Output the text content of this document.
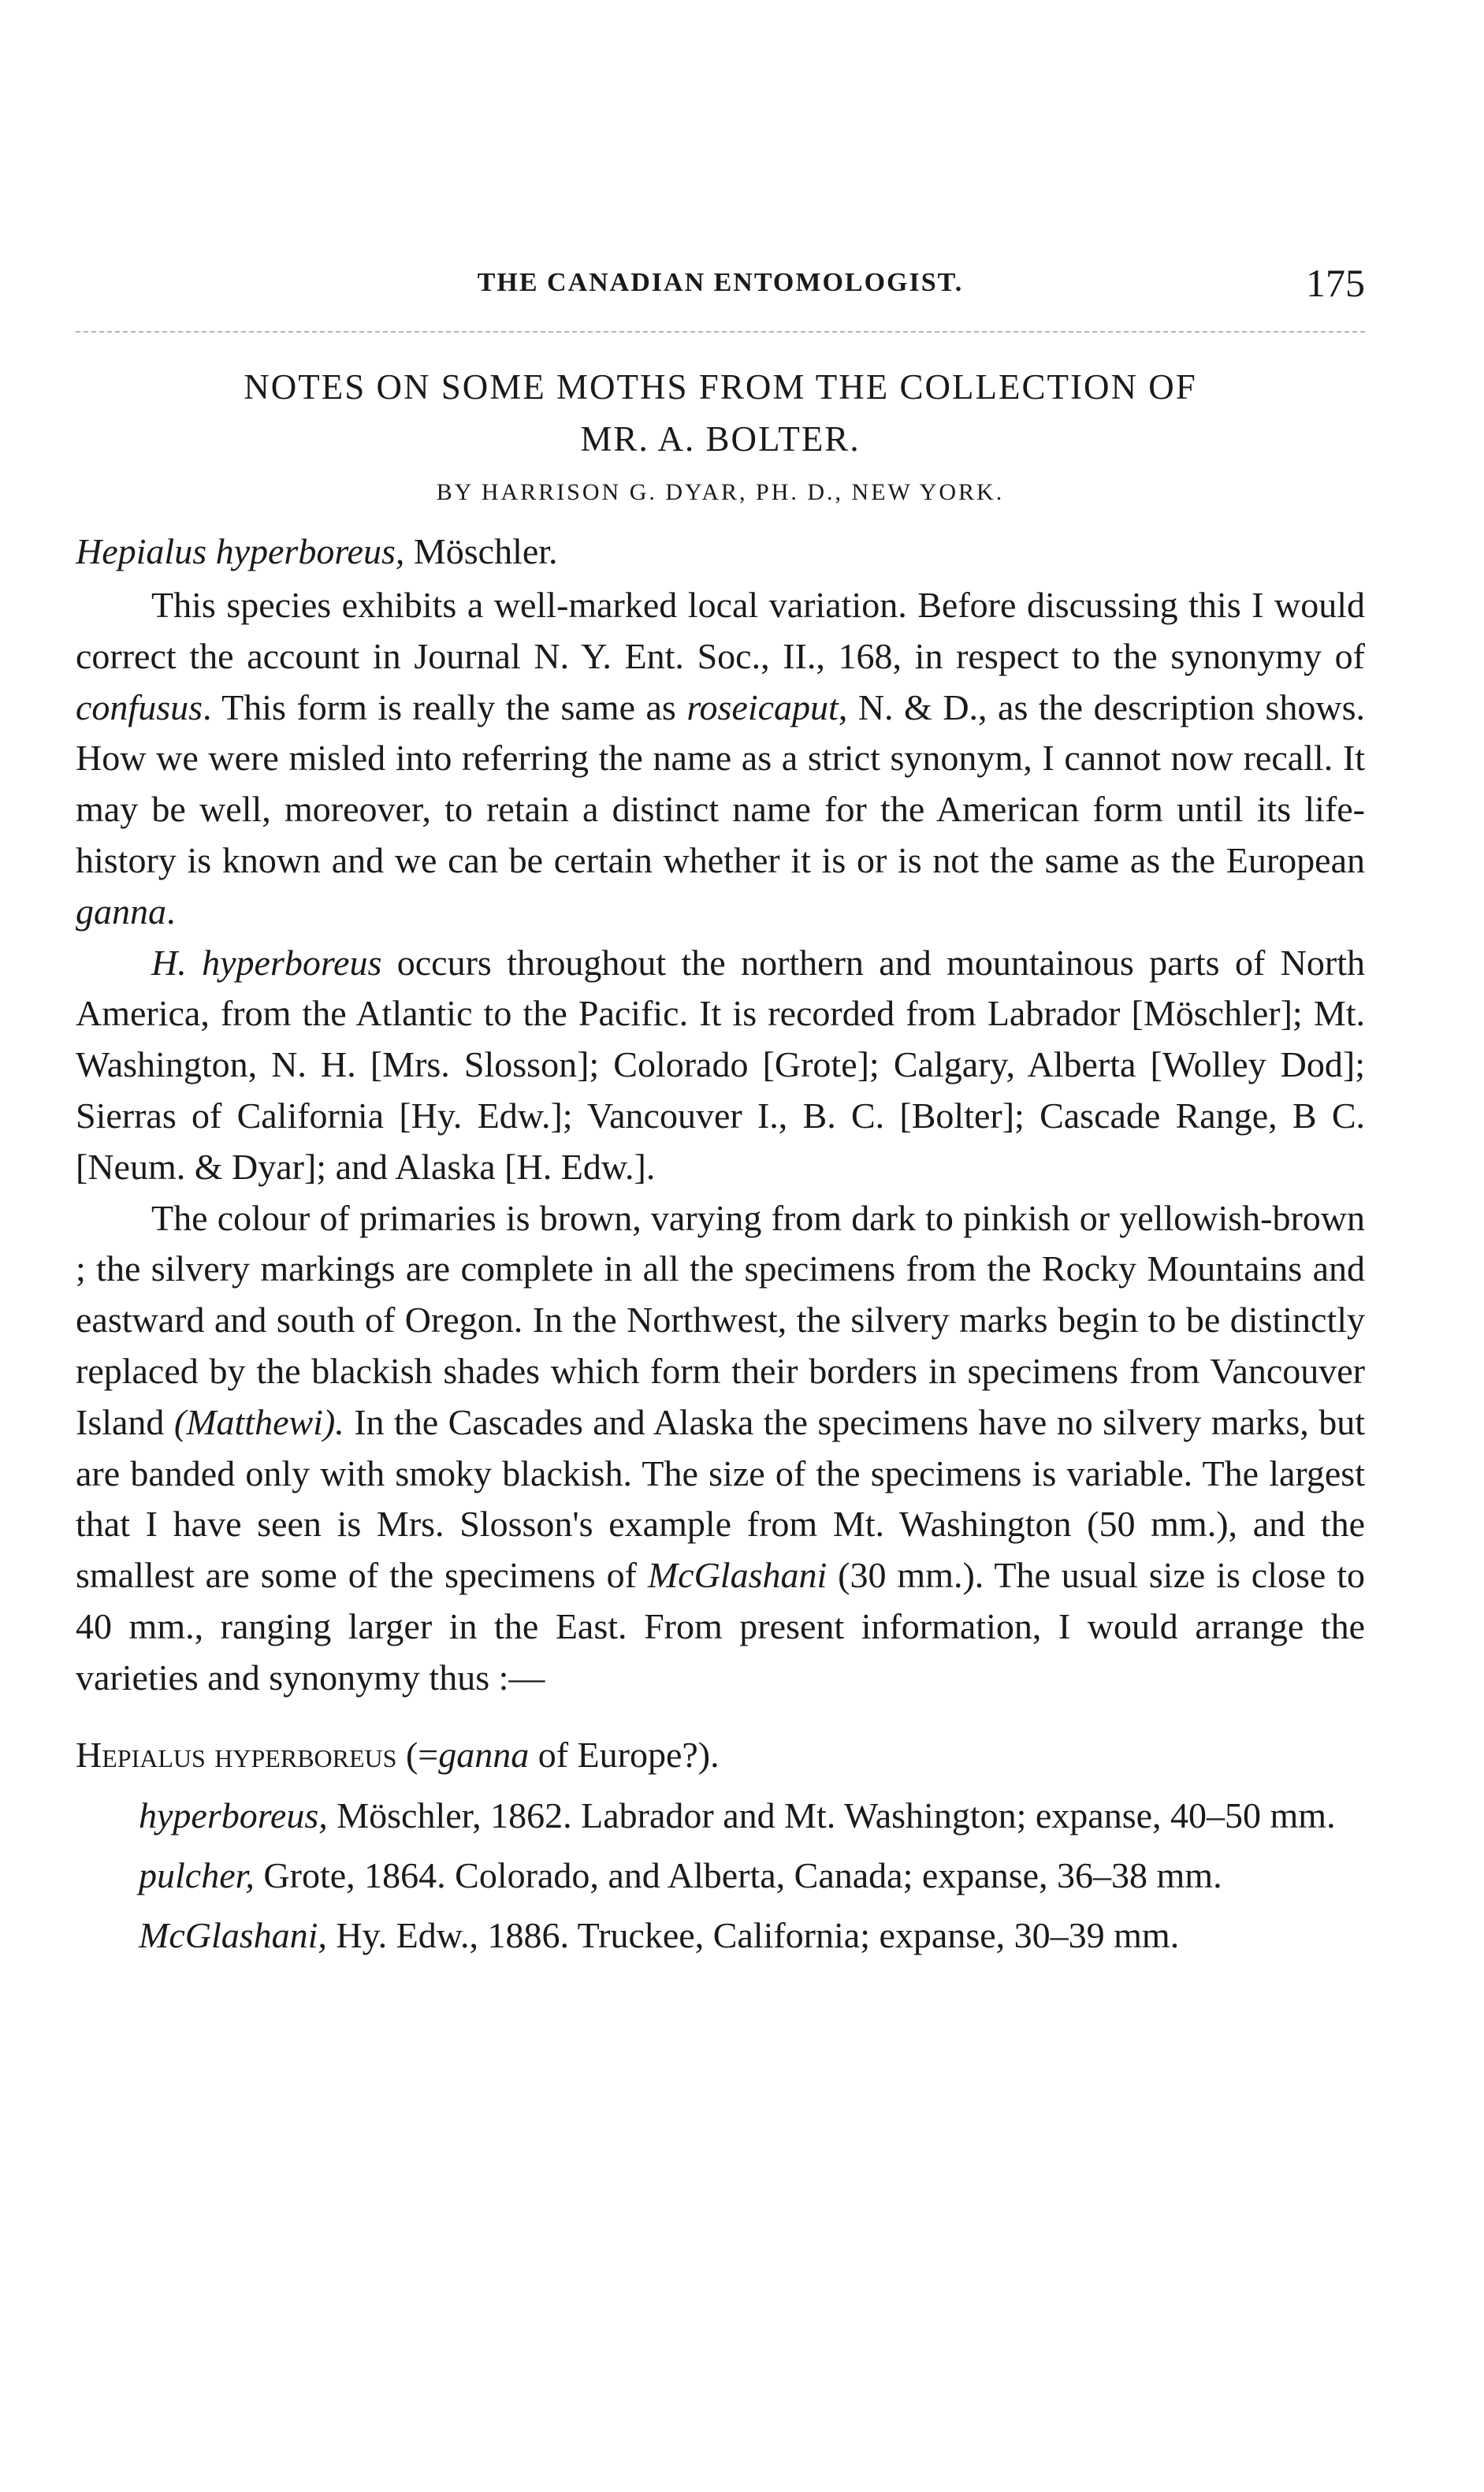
THE CANADIAN ENTOMOLOGIST.	175
NOTES ON SOME MOTHS FROM THE COLLECTION OF
MR. A. BOLTER.
BY HARRISON G. DYAR, PH. D., NEW YORK.
Hepialus hyperboreus, Möschler.

This species exhibits a well-marked local variation. Before discussing this I would correct the account in Journal N. Y. Ent. Soc., II., 168, in respect to the synonymy of confusus. This form is really the same as roseicaput, N. & D., as the description shows. How we were misled into referring the name as a strict synonym, I cannot now recall. It may be well, moreover, to retain a distinct name for the American form until its life-history is known and we can be certain whether it is or is not the same as the European ganna.

H. hyperboreus occurs throughout the northern and mountainous parts of North America, from the Atlantic to the Pacific. It is recorded from Labrador [Möschler]; Mt. Washington, N. H. [Mrs. Slosson]; Colorado [Grote]; Calgary, Alberta [Wolley Dod]; Sierras of California [Hy. Edw.]; Vancouver I., B. C. [Bolter]; Cascade Range, B C. [Neum. & Dyar]; and Alaska [H. Edw.].

The colour of primaries is brown, varying from dark to pinkish or yellowish-brown ; the silvery markings are complete in all the specimens from the Rocky Mountains and eastward and south of Oregon. In the Northwest, the silvery marks begin to be distinctly replaced by the blackish shades which form their borders in specimens from Vancouver Island (Matthewi). In the Cascades and Alaska the specimens have no silvery marks, but are banded only with smoky blackish. The size of the specimens is variable. The largest that I have seen is Mrs. Slosson's example from Mt. Washington (50 mm.), and the smallest are some of the specimens of McGlashani (30 mm.). The usual size is close to 40 mm., ranging larger in the East. From present information, I would arrange the varieties and synonymy thus :—

Hepialus hyperboreus (=ganna of Europe?).

hyperboreus, Möschler, 1862. Labrador and Mt. Washington; expanse, 40–50 mm.

pulcher, Grote, 1864. Colorado, and Alberta, Canada; expanse, 36–38 mm.

McGlashani, Hy. Edw., 1886. Truckee, California; expanse, 30–39 mm.
